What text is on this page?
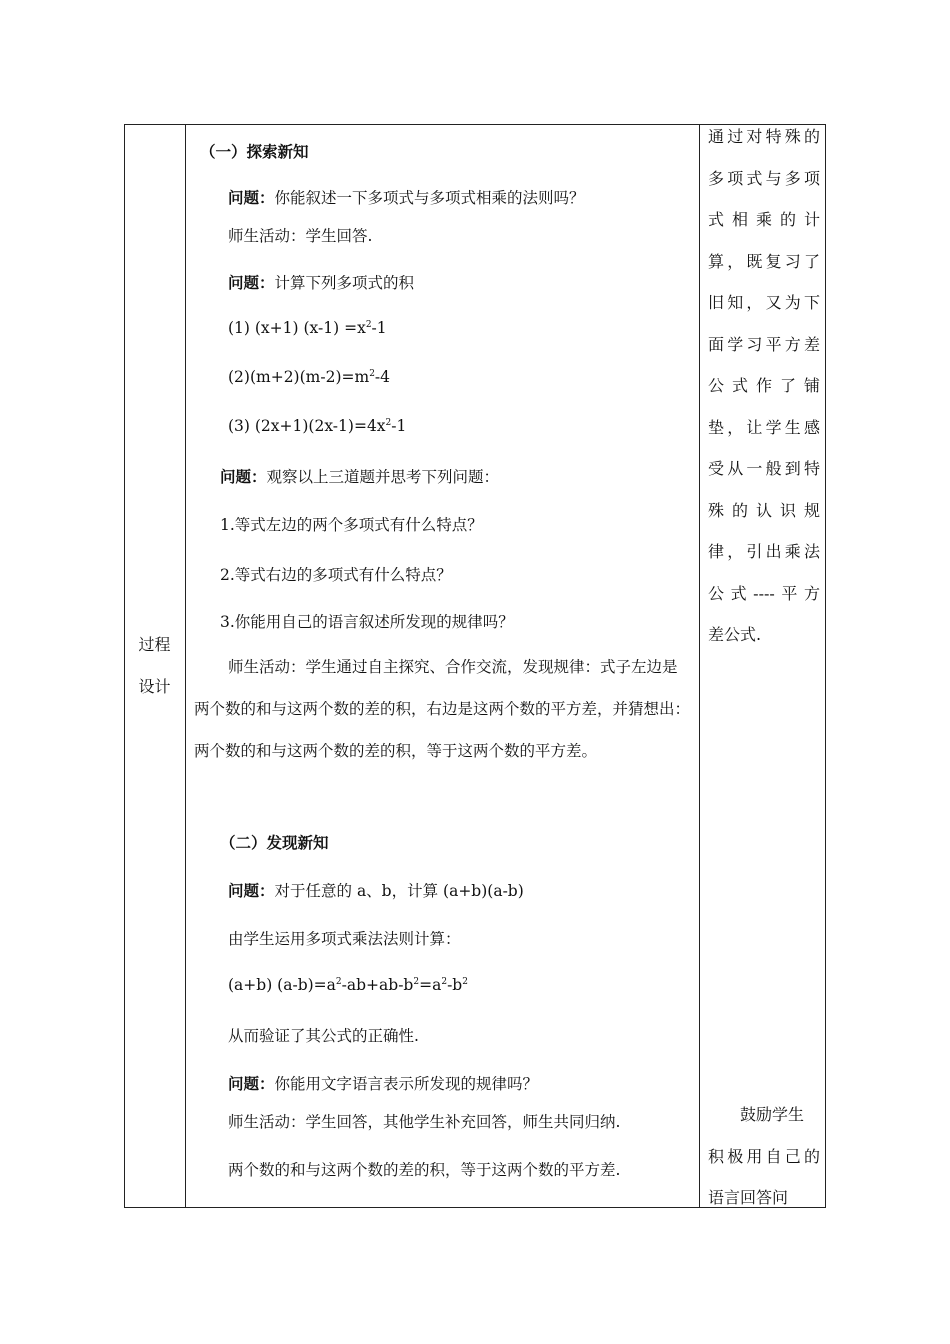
过程
设计
（一）探索新知
问题：你能叙述一下多项式与多项式相乘的法则吗？
师生活动：学生回答.
问题：计算下列多项式的积
(1) (x+1) $(x-1) =x^2-1$
$(2)(m+2)(m-2)=m^2-4$
(3) $(2x+1)(2x-1)=4x^2-1$
问题：观察以上三道题并思考下列问题：
1.等式左边的两个多项式有什么特点？
2.等式右边的多项式有什么特点？
3.你能用自己的语言叙述所发现的规律吗？
师生活动：学生通过自主探究、合作交流，发现规律：式子左边是两个数的和与这两个数的差的积，右边是这两个数的平方差，并猜想出：两个数的和与这两个数的差的积，等于这两个数的平方差。
（二）发现新知
问题：对于任意的 a、b，计算 (a+b)(a-b)
由学生运用多项式乘法法则计算：
(a+b) $(a-b)=a^2-ab+ab-b^2=a^2-b^2$
从而验证了其公式的正确性.
问题：你能用文字语言表示所发现的规律吗？
师生活动：学生回答，其他学生补充回答，师生共同归纳.
两个数的和与这两个数的差的积，等于这两个数的平方差.
通过对特殊的
多项式与多项
式相乘的计
算，既复习了
旧知，又为下
面学习平方差
公式作了铺
垫，让学生感
受从一般到特
殊的认识规
律，引出乘法
公式----平方
差公式.
鼓励学生
积极用自己的
语言回答问
